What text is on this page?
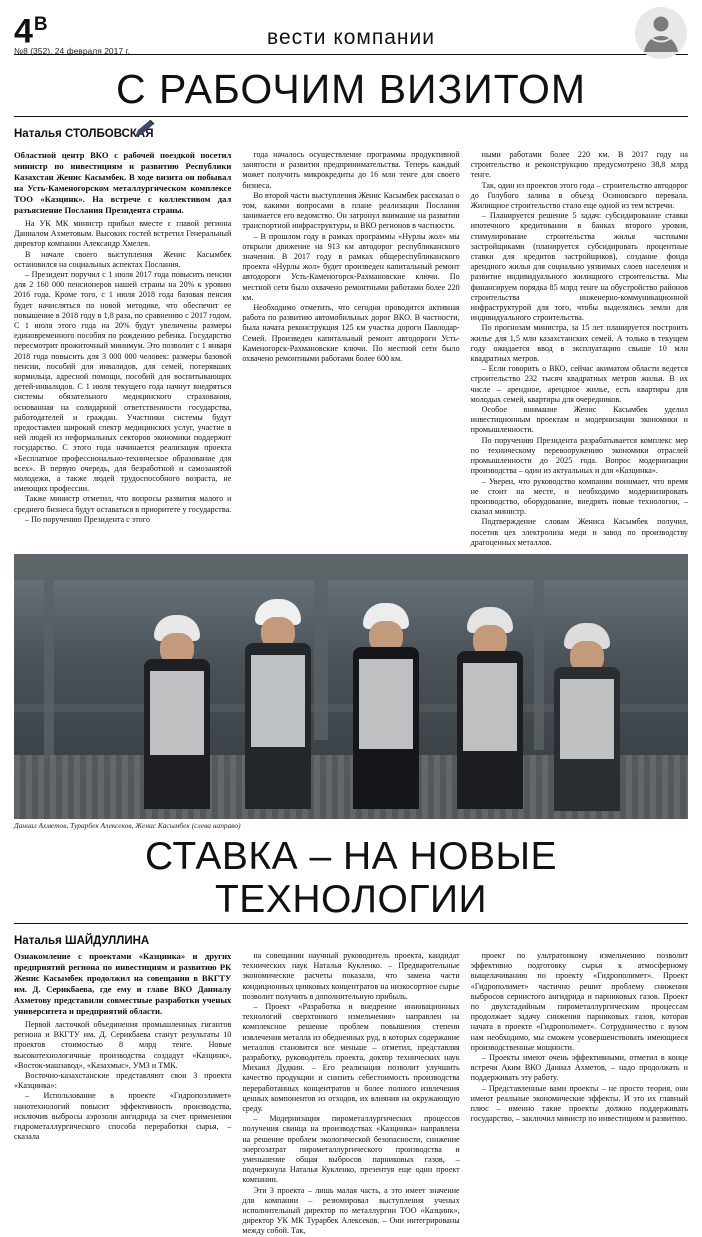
4 $^В$
№8 (352), 24 февраля 2017 г.
вести компании
С РАБОЧИМ ВИЗИТОМ
Наталья СТОЛБОВСКАЯ

Областной центр ВКО с рабочей поездкой посетил министр по инвестициям и развитию Республики Казахстан Женис Касымбек. В ходе визита он побывал на Усть-Каменогорском металлургическом комплексе ТОО «Казцинк». На встрече с коллективом дал разъяснение Послания Президента страны.

На УК МК министр прибыл вместе с главой региона Даниалом Ахметовым. Высоких гостей встретил Генеральный директор компании Александр Хмелев.

В начале своего выступления Женис Касымбек остановился на социальных аспектах Послания.

– Президент поручил с 1 июля 2017 года повысить пенсии для 2 160 000 пенсионеров нашей страны на 20% к уровню 2016 года. Кроме того, с 1 июля 2018 года базовая пенсия будет начисляться по новой методике, что обеспечит ее повышение в 2018 году в 1,8 раза, по сравнению с 2017 годом. С 1 июля этого года на 20% будут увеличены размеры единовременного пособия по рождению ребенка. Государство пересмотрит прожиточный минимум. Это позволит с 1 января 2018 года повысить для 3 000 000 человек: размеры базовой пенсии, пособий для инвалидов, для семей, потерявших кормильца, адресной помощи, пособий для воспитывающих детей-инвалидов. С 1 июля текущего года начнут внедряться системы обязательного медицинского страхования, основанная на солидарной ответственности государства, работодателей и граждан. Участники системы будут предоставлен широкий спектр медицинских услуг, участие в ней людей из неформальных секторов экономики поддержит государство. С этого года начинается реализация проекта «Бесплатное профессионально-техническое образование для всех». В первую очередь, для безработной и самозанятой молодежи, а также людей трудоспособного возраста, не имеющих профессии.

Также министр отметил, что вопросы развития малого и среднего бизнеса будут оставаться в приоритете у государства.

– По поручению Президента с этого

года началось осуществление программы продуктивной занятости и развития предпринимательства. Теперь каждый может получить микрокредиты до 16 млн тенге для своего бизнеса.

Во второй части выступления Женис Касымбек рассказал о том, какими вопросами в плане реализации Послания занимается его ведомство. Он затронул внимание на развитии транспортной инфраструктуры, и ВКО регионов в частности.

– В прошлом году в рамках программы «Нурлы жол» мы открыли движение на 913 км автодорог республиканского значения. В 2017 году в рамках общереспубликанского проекта «Нурлы жол» будет произведен капитальный ремонт автодороги Усть-Каменогорск-Рахмановские ключи. По местной сети было охвачено ремонтными работами более 220 км.

Необходимо отметить, что сегодня проводится активная работа по развитию автомобильных дорог ВКО. В частности, была начата реконструкция 125 км участка дороги Павлодар-Семей. Произведен капитальный ремонт автодороги Усть-Каменогорск-Рахмановские ключи. По местной сети было охвачено ремонтными работами более 600 км.

ными работами более 220 км. В 2017 году на строительство и реконструкцию предусмотрено 38,8 млрд тенге.

Так, один из проектов этого года – строительство автодорог до Голубого залива в объезд Осиновского перевала. Жилищное строительство стало еще одной из тем встречи.

– Планируется решение 5 задач: субсидирование ставки ипотечного кредитования в банках второго уровня, стимулирование строительства жилья частными застройщиками (планируется субсидировать процентные ставки для кредитов застройщиков), создание фонда арендного жилья для социально уязвимых слоев населения и развитие индивидуального жилищного строительства. Мы финансируем порядка 85 млрд тенге на обустройство районов строительства инженерно-коммуникационной инфраструктурой для того, чтобы выделялись земли для индивидуального строительства.

По прогнозам министра, за 15 лет планируется построить жилье для 1,5 млн казахстанских семей. А только в текущем году ожидается ввод в эксплуатацию свыше 10 млн квадратных метров.

– Если говорить о ВКО, сейчас акиматом области ведется строительство 232 тысяч квадратных метров жилья. В их числе – арендное, арендное жилье, есть квартиры для молодых семей, квартиры для очередников.

Особое внимание Женис Касымбек уделил инвестиционным проектам и модернизации экономики и промышленности.

По поручению Президента разрабатывается комплекс мер по техническому перевооружению экономики отраслей промышленности до 2025 года. Вопрос модернизации производства – один из актуальных и для «Казцинка».

– Уверен, что руководство компании понимает, что время не стоит на месте, и необходимо модернизировать производство, оборудование, внедрять новые технологии, – сказал министр.

Подтверждение словам Жениса Касымбек получил, посетив цех электролиза меди и завод по производству драгоценных металлов.

Даниал Ахметов, Турарбек Алексеков, Женис Касымбек (слева направо)
СТАВКА – НА НОВЫЕ ТЕХНОЛОГИИ
Наталья ШАЙДУЛЛИНА

Ознакомление с проектами «Казцинка» и других предприятий региона по инвестициям и развитию РК Женис Касымбек продолжил на совещании в ВКГТУ им. Д. Серикбаева, где ему и главе ВКО Даниалу Ахметову представили совместные разработки ученых университета и предприятий области.

Первой ласточкой объединения промышленных гигантов региона и ВКГТУ им. Д. Серикбаева станут результаты 10 проектов стоимостью 8 млрд тенге. Новые высокотехнологичные производства создадут «Казцинк», «Восток-машзавод», «Казахмыс», УМЗ и ТМК.

Восточно-казахстанские представляют свои 3 проекта «Казцинка»:

– Использование в проекте «Гидропоэлимет» нанотехнологий повысит эффективность производства, исключив выбросы аэрозоли ангидрида за счет применения гидрометаллургического способа переработки сырья, – сказала

на совещании научный руководитель проекта, кандидат технических наук Наталья Кукленко. – Предварительные экономические расчеты показали, что замена части кондиционных цинковых концентратов на низкосортное сырье позволит получить в дополнительную прибыль.

– Проект «Разработка и внедрение инновационных технологий сверхтонкого измельчения» направлен на комплексное решение проблем повышения степени извлечения металла из обедненных руд, в которых содержание металлов становится все меньше – отметил, представляя разработку, руководитель проекта, доктор технических наук Михаил Дудкин. – Его реализация позволит улучшить качество продукции и снизить себестоимость производства переработанных концентратов и более полного извлечения ценных компонентов из отходов, их влияния на окружающую среду.

– Модернизация пирометаллургических процессов получения свинца на производствах «Казцинка» направлена на решение проблем экологической безопасности, снижение энергозатрат пирометаллургического производства и уменьшение общая выбросов парниковых газов, – подчеркнула Наталья Кукленко, презентуя еще один проект компании.

Эти 3 проекта – лишь малая часть, а это имеет значение для компании – резюмировал выступления ученых исполнительный директор по металлургии ТОО «Казцинк», директор УК МК Турарбек Алексеков. – Они интегрированы между собой. Так,

проект по ультратонкому измельчению позволит эффективно подготовку сырья к атмосферному выщелачиванию по проекту «Гидрополимет». Проект «Гидрополимет» частично решит проблему снижения выбросов сернистого ангидрида и парниковых газов. Проект по двухстадийным пирометаллургическим процессам продолжает задачу снижения парниковых газов, которая начата в проекте «Гидрополимет». Сотрудничество с вузом нам необходимо, мы сможем усовершенствовать имеющиеся производственные мощности.

– Проекты имеют очень эффективными, отметил в конце встречи Аким ВКО Даниал Ахметов, – надо продолжать и поддерживать эту работу.

– Представленные вами проекты – не просто теория, они имеют реальные экономические эффекты. И это их главный плюс – именно такие проекты должно поддерживать государство, – заключил министр по инвестициям и развитию.
